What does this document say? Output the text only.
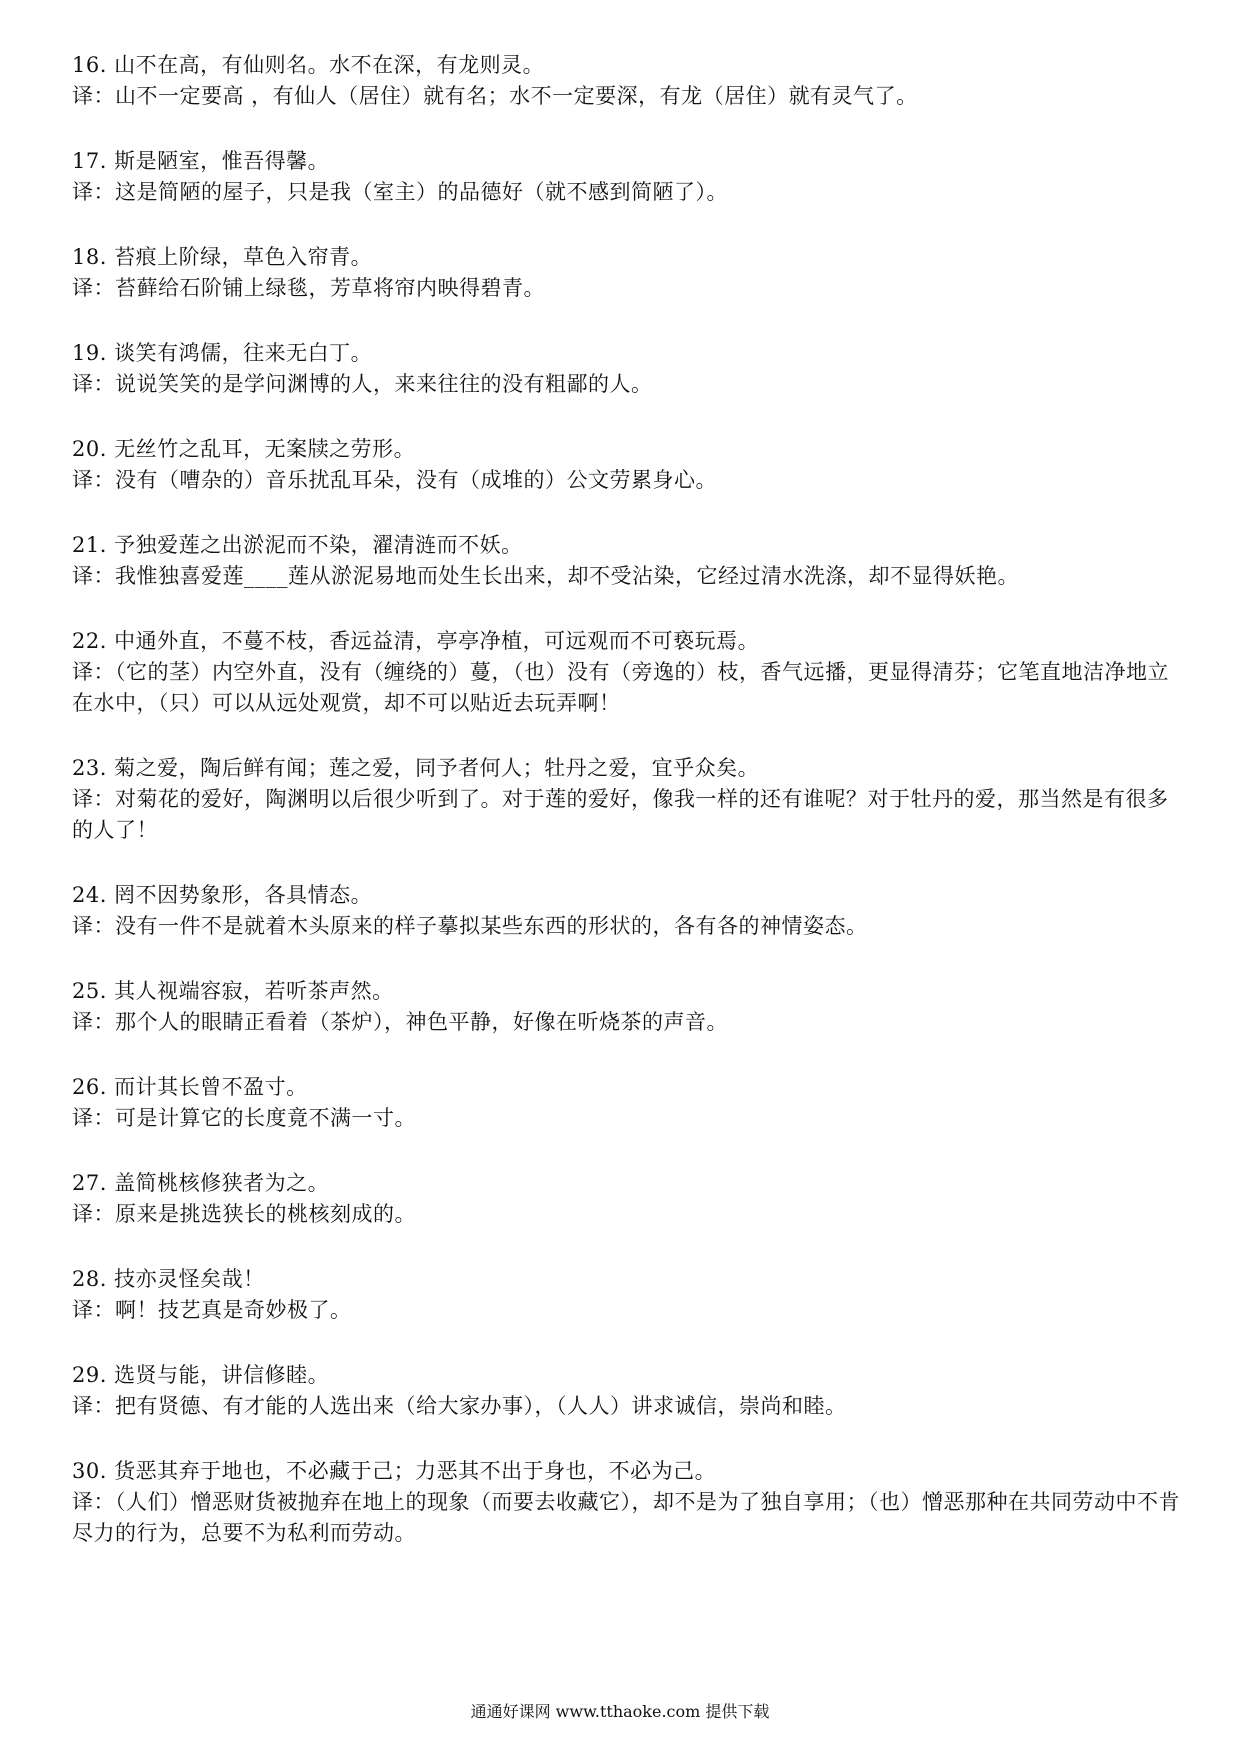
16. 山不在高，有仙则名。水不在深，有龙则灵。
译：山不一定要高 ，有仙人（居住）就有名；水不一定要深，有龙（居住）就有灵气了。
17. 斯是陋室，惟吾得馨。
译：这是简陋的屋子，只是我（室主）的品德好（就不感到简陋了）。
18. 苔痕上阶绿，草色入帘青。
译：苔藓给石阶铺上绿毯，芳草将帘内映得碧青。
19. 谈笑有鸿儒，往来无白丁。
译：说说笑笑的是学问渊博的人，来来往往的没有粗鄙的人。
20. 无丝竹之乱耳，无案牍之劳形。
译：没有（嘈杂的）音乐扰乱耳朵，没有（成堆的）公文劳累身心。
21. 予独爱莲之出淤泥而不染，濯清涟而不妖。
译：我惟独喜爱莲____莲从淤泥易地而处生长出来，却不受沾染，它经过清水洗涤，却不显得妖艳。
22. 中通外直，不蔓不枝，香远益清，亭亭净植，可远观而不可亵玩焉。
译：（它的茎）内空外直，没有（缠绕的）蔓，（也）没有（旁逸的）枝，香气远播，更显得清芬；它笔直地洁净地立在水中，（只）可以从远处观赏，却不可以贴近去玩弄啊！
23. 菊之爱，陶后鲜有闻；莲之爱，同予者何人；牡丹之爱，宜乎众矣。
译：对菊花的爱好，陶渊明以后很少听到了。对于莲的爱好，像我一样的还有谁呢？对于牡丹的爱，那当然是有很多的人了！
24. 罔不因势象形，各具情态。
译：没有一件不是就着木头原来的样子摹拟某些东西的形状的，各有各的神情姿态。
25. 其人视端容寂，若听茶声然。
译：那个人的眼睛正看着（茶炉），神色平静，好像在听烧茶的声音。
26. 而计其长曾不盈寸。
译：可是计算它的长度竟不满一寸。
27. 盖简桃核修狭者为之。
译：原来是挑选狭长的桃核刻成的。
28. 技亦灵怪矣哉！
译：啊！技艺真是奇妙极了。
29. 选贤与能，讲信修睦。
译：把有贤德、有才能的人选出来（给大家办事），（人人）讲求诚信，崇尚和睦。
30. 货恶其弃于地也，不必藏于己；力恶其不出于身也，不必为己。
译：（人们）憎恶财货被抛弃在地上的现象（而要去收藏它），却不是为了独自享用；（也）憎恶那种在共同劳动中不肯尽力的行为，总要不为私利而劳动。
通通好课网 www.tthaoke.com 提供下载
